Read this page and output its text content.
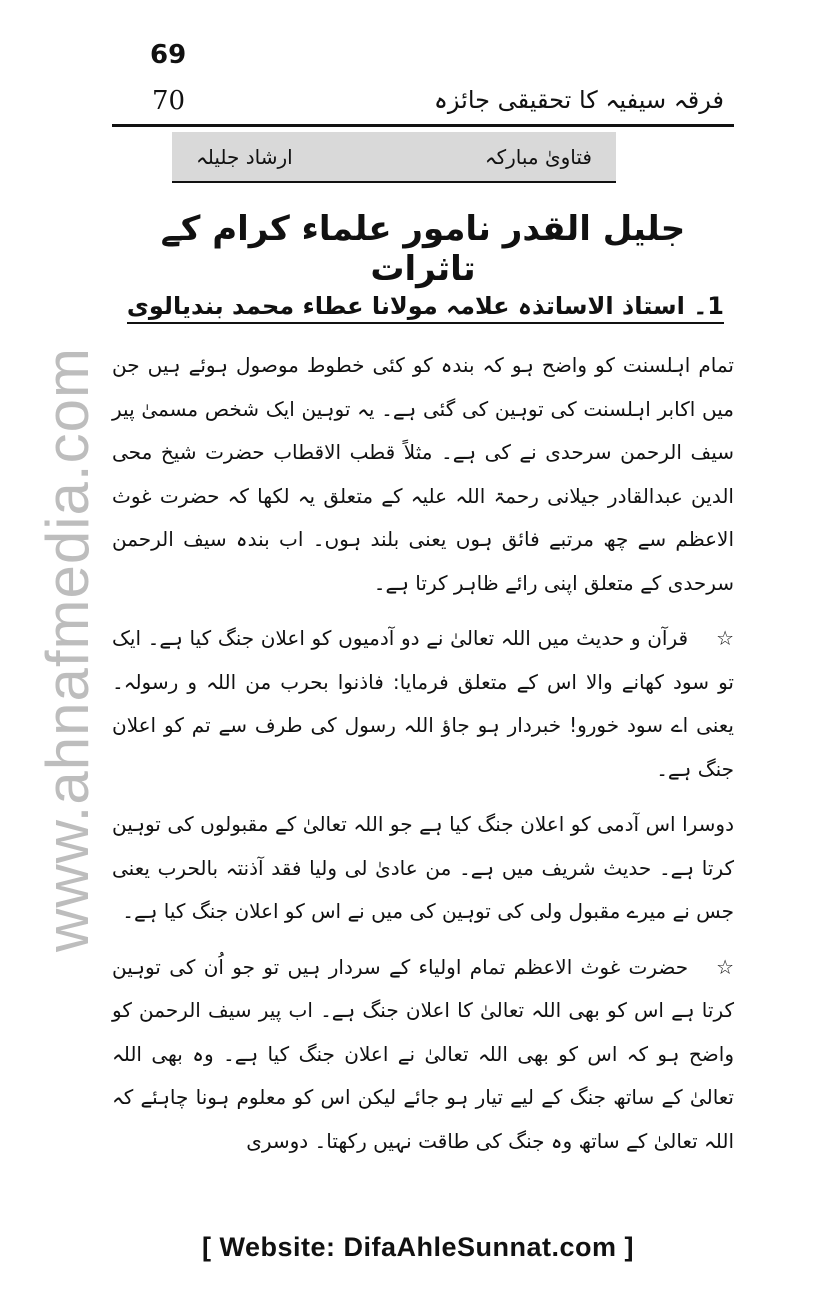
69
70	فرقہ سیفیہ کا تحقیقی جائزہ
فتاویٰ مبارکہ
ارشاد جلیلہ
جلیل القدر نامور علماء کرام کے تاثرات
1۔ استاذ الاساتذہ علامہ مولانا عطاء محمد بندیالوی

تمام اہلسنت کو واضح ہو کہ بندہ کو کئی خطوط موصول ہوئے ہیں جن میں اکابر اہلسنت کی توہین کی گئی ہے۔ یہ توہین ایک شخص مسمیٰ پیر سیف الرحمن سرحدی نے کی ہے۔ مثلاً قطب الاقطاب حضرت شیخ محی الدین عبدالقادر جیلانی رحمۃ اللہ علیہ کے متعلق یہ لکھا کہ حضرت غوث الاعظم سے چھ مرتبے فائق ہوں یعنی بلند ہوں۔ اب بندہ سیف الرحمن سرحدی کے متعلق اپنی رائے ظاہر کرتا ہے۔

☆قرآن و حدیث میں اللہ تعالیٰ نے دو آدمیوں کو اعلان جنگ کیا ہے۔ ایک تو سود کھانے والا اس کے متعلق فرمایا: فاذنوا بحرب من اللہ و رسولہ۔ یعنی اے سود خورو! خبردار ہو جاؤ اللہ رسول کی طرف سے تم کو اعلان جنگ ہے۔

دوسرا اس آدمی کو اعلان جنگ کیا ہے جو اللہ تعالیٰ کے مقبولوں کی توہین کرتا ہے۔ حدیث شریف میں ہے۔ من عادیٰ لی ولیا فقد آذنتہ بالحرب یعنی جس نے میرے مقبول ولی کی توہین کی میں نے اس کو اعلان جنگ کیا ہے۔

☆حضرت غوث الاعظم تمام اولیاء کے سردار ہیں تو جو اُن کی توہین کرتا ہے اس کو بھی اللہ تعالیٰ کا اعلان جنگ ہے۔ اب پیر سیف الرحمن کو واضح ہو کہ اس کو بھی اللہ تعالیٰ نے اعلان جنگ کیا ہے۔ وہ بھی اللہ تعالیٰ کے ساتھ جنگ کے لیے تیار ہو جائے لیکن اس کو معلوم ہونا چاہئے کہ اللہ تعالیٰ کے ساتھ وہ جنگ کی طاقت نہیں رکھتا۔ دوسری

www.ahnafmedia.com
[ Website: DifaAhleSunnat.com ]
